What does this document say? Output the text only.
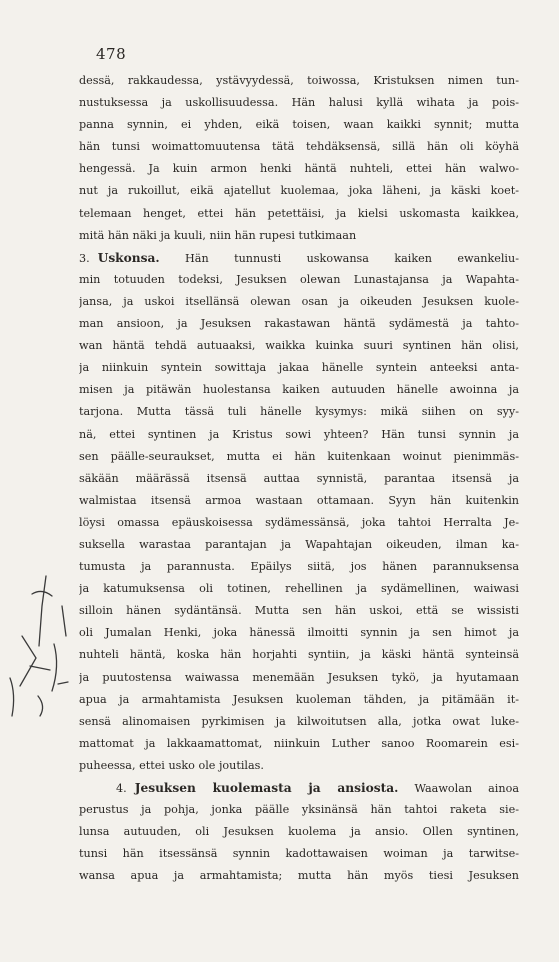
478
dessä, rakkaudessa, ystävyydessä, toiwossa, Kristuksen nimen tun-
nustuksessa ja uskollisuudessa. Hän halusi kyllä wihata ja pois-
panna synnin, ei yhden, eikä toisen, waan kaikki synnit; mutta
hän tunsi woimattomuutensa tätä tehdäksensä, sillä hän oli köyhä
hengessä. Ja kuin armon henki häntä nuhteli, ettei hän walwo-
nut ja rukoillut, eikä ajatellut kuolemaa, joka läheni, ja käski koet-
telemaan henget, ettei hän petettäisi, ja kielsi uskomasta kaikkea,
mitä hän näki ja kuuli, niin hän rupesi tutkimaan
3. Uskonsa. Hän tunnusti uskowansa kaiken ewankeliu-
min totuuden todeksi, Jesuksen olewan Lunastajansa ja Wapahta-
jansa, ja uskoi itsellänsä olewan osan ja oikeuden Jesuksen kuole-
man ansioon, ja Jesuksen rakastawan häntä sydämestä ja tahto-
wan häntä tehdä autuaaksi, waikka kuinka suuri syntinen hän olisi,
ja niinkuin syntein sowittaja jakaa hänelle syntein anteeksi anta-
misen ja pitäwän huolestansa kaiken autuuden hänelle awoinna ja
tarjona. Mutta tässä tuli hänelle kysymys: mikä siihen on syy-
nä, ettei syntinen ja Kristus sowi yhteen? Hän tunsi synnin ja
sen päälle-seuraukset, mutta ei hän kuitenkaan woinut pienimmäs-
säkään määrässä itsensä auttaa synnistä, parantaa itsensä ja
walmistaa itsensä armoa wastaan ottamaan. Syyn hän kuitenkin
löysi omassa epäuskoisessa sydämessänsä, joka tahtoi Herralta Je-
suksella warastaa parantajan ja Wapahtajan oikeuden, ilman ka-
tumusta ja parannusta. Epäilys siitä, jos hänen parannuksensa
ja katumuksensa oli totinen, rehellinen ja sydämellinen, waiwasi
silloin hänen sydäntänsä. Mutta sen hän uskoi, että se wissisti
oli Jumalan Henki, joka hänessä ilmoitti synnin ja sen himot ja
nuhteli häntä, koska hän horjahti syntiin, ja käski häntä synteinsä
ja puutostensa waiwassa menemään Jesuksen tykö, ja hyutamaan
apua ja armahtamista Jesuksen kuoleman tähden, ja pitämään it-
sensä alinomaisen pyrkimisen ja kilwoitutsen alla, jotka owat luke-
mattomat ja lakkaamattomat, niinkuin Luther sanoo Roomarein esi-
puheessa, ettei usko ole joutilas.
4. Jesuksen kuolemasta ja ansiosta. Waawolan ainoa
perustus ja pohja, jonka päälle yksinänsä hän tahtoi raketa sie-
lunsa autuuden, oli Jesuksen kuolema ja ansio. Ollen syntinen,
tunsi hän itsessänsä synnin kadottawaisen woiman ja tarwitse-
wansa apua ja armahtamista; mutta hän myös tiesi Jesuksen
